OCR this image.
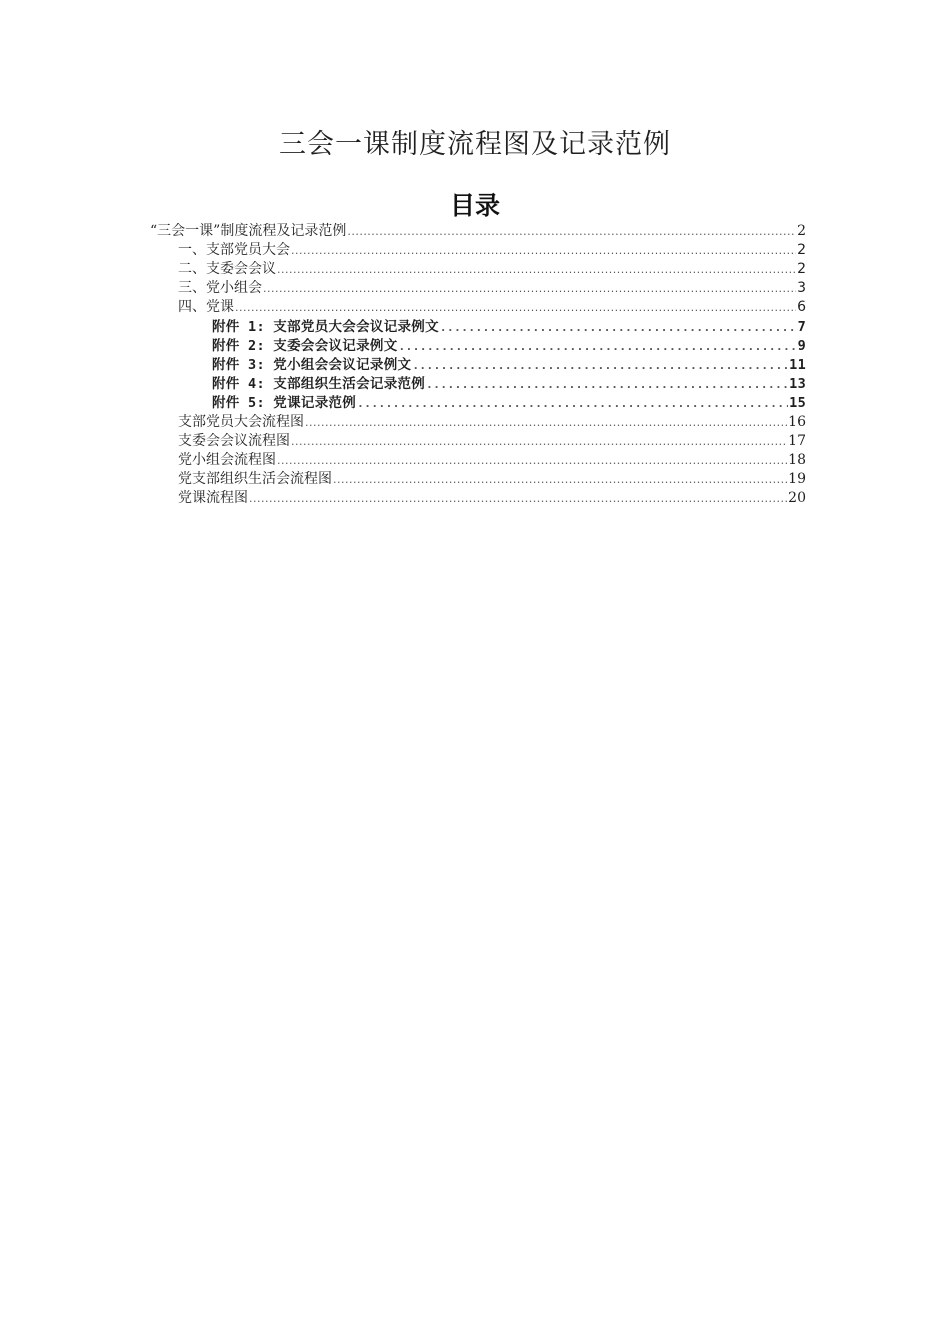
三会一课制度流程图及记录范例
目录
“三会一课”制度流程及记录范例 .....	2
一、支部党员大会 .....	2
二、支委会会议 .....	2
三、党小组会 .....	3
四、党课 .....	6
附件 1: 支部党员大会会议记录例文 .....	7
附件 2: 支委会会议记录例文 .....	9
附件 3: 党小组会会议记录例文 .....	11
附件 4: 支部组织生活会记录范例 .....	13
附件 5: 党课记录范例 .....	15
支部党员大会流程图 .....	16
支委会会议流程图 .....	17
党小组会流程图 .....	18
党支部组织生活会流程图 .....	19
党课流程图 .....	20
